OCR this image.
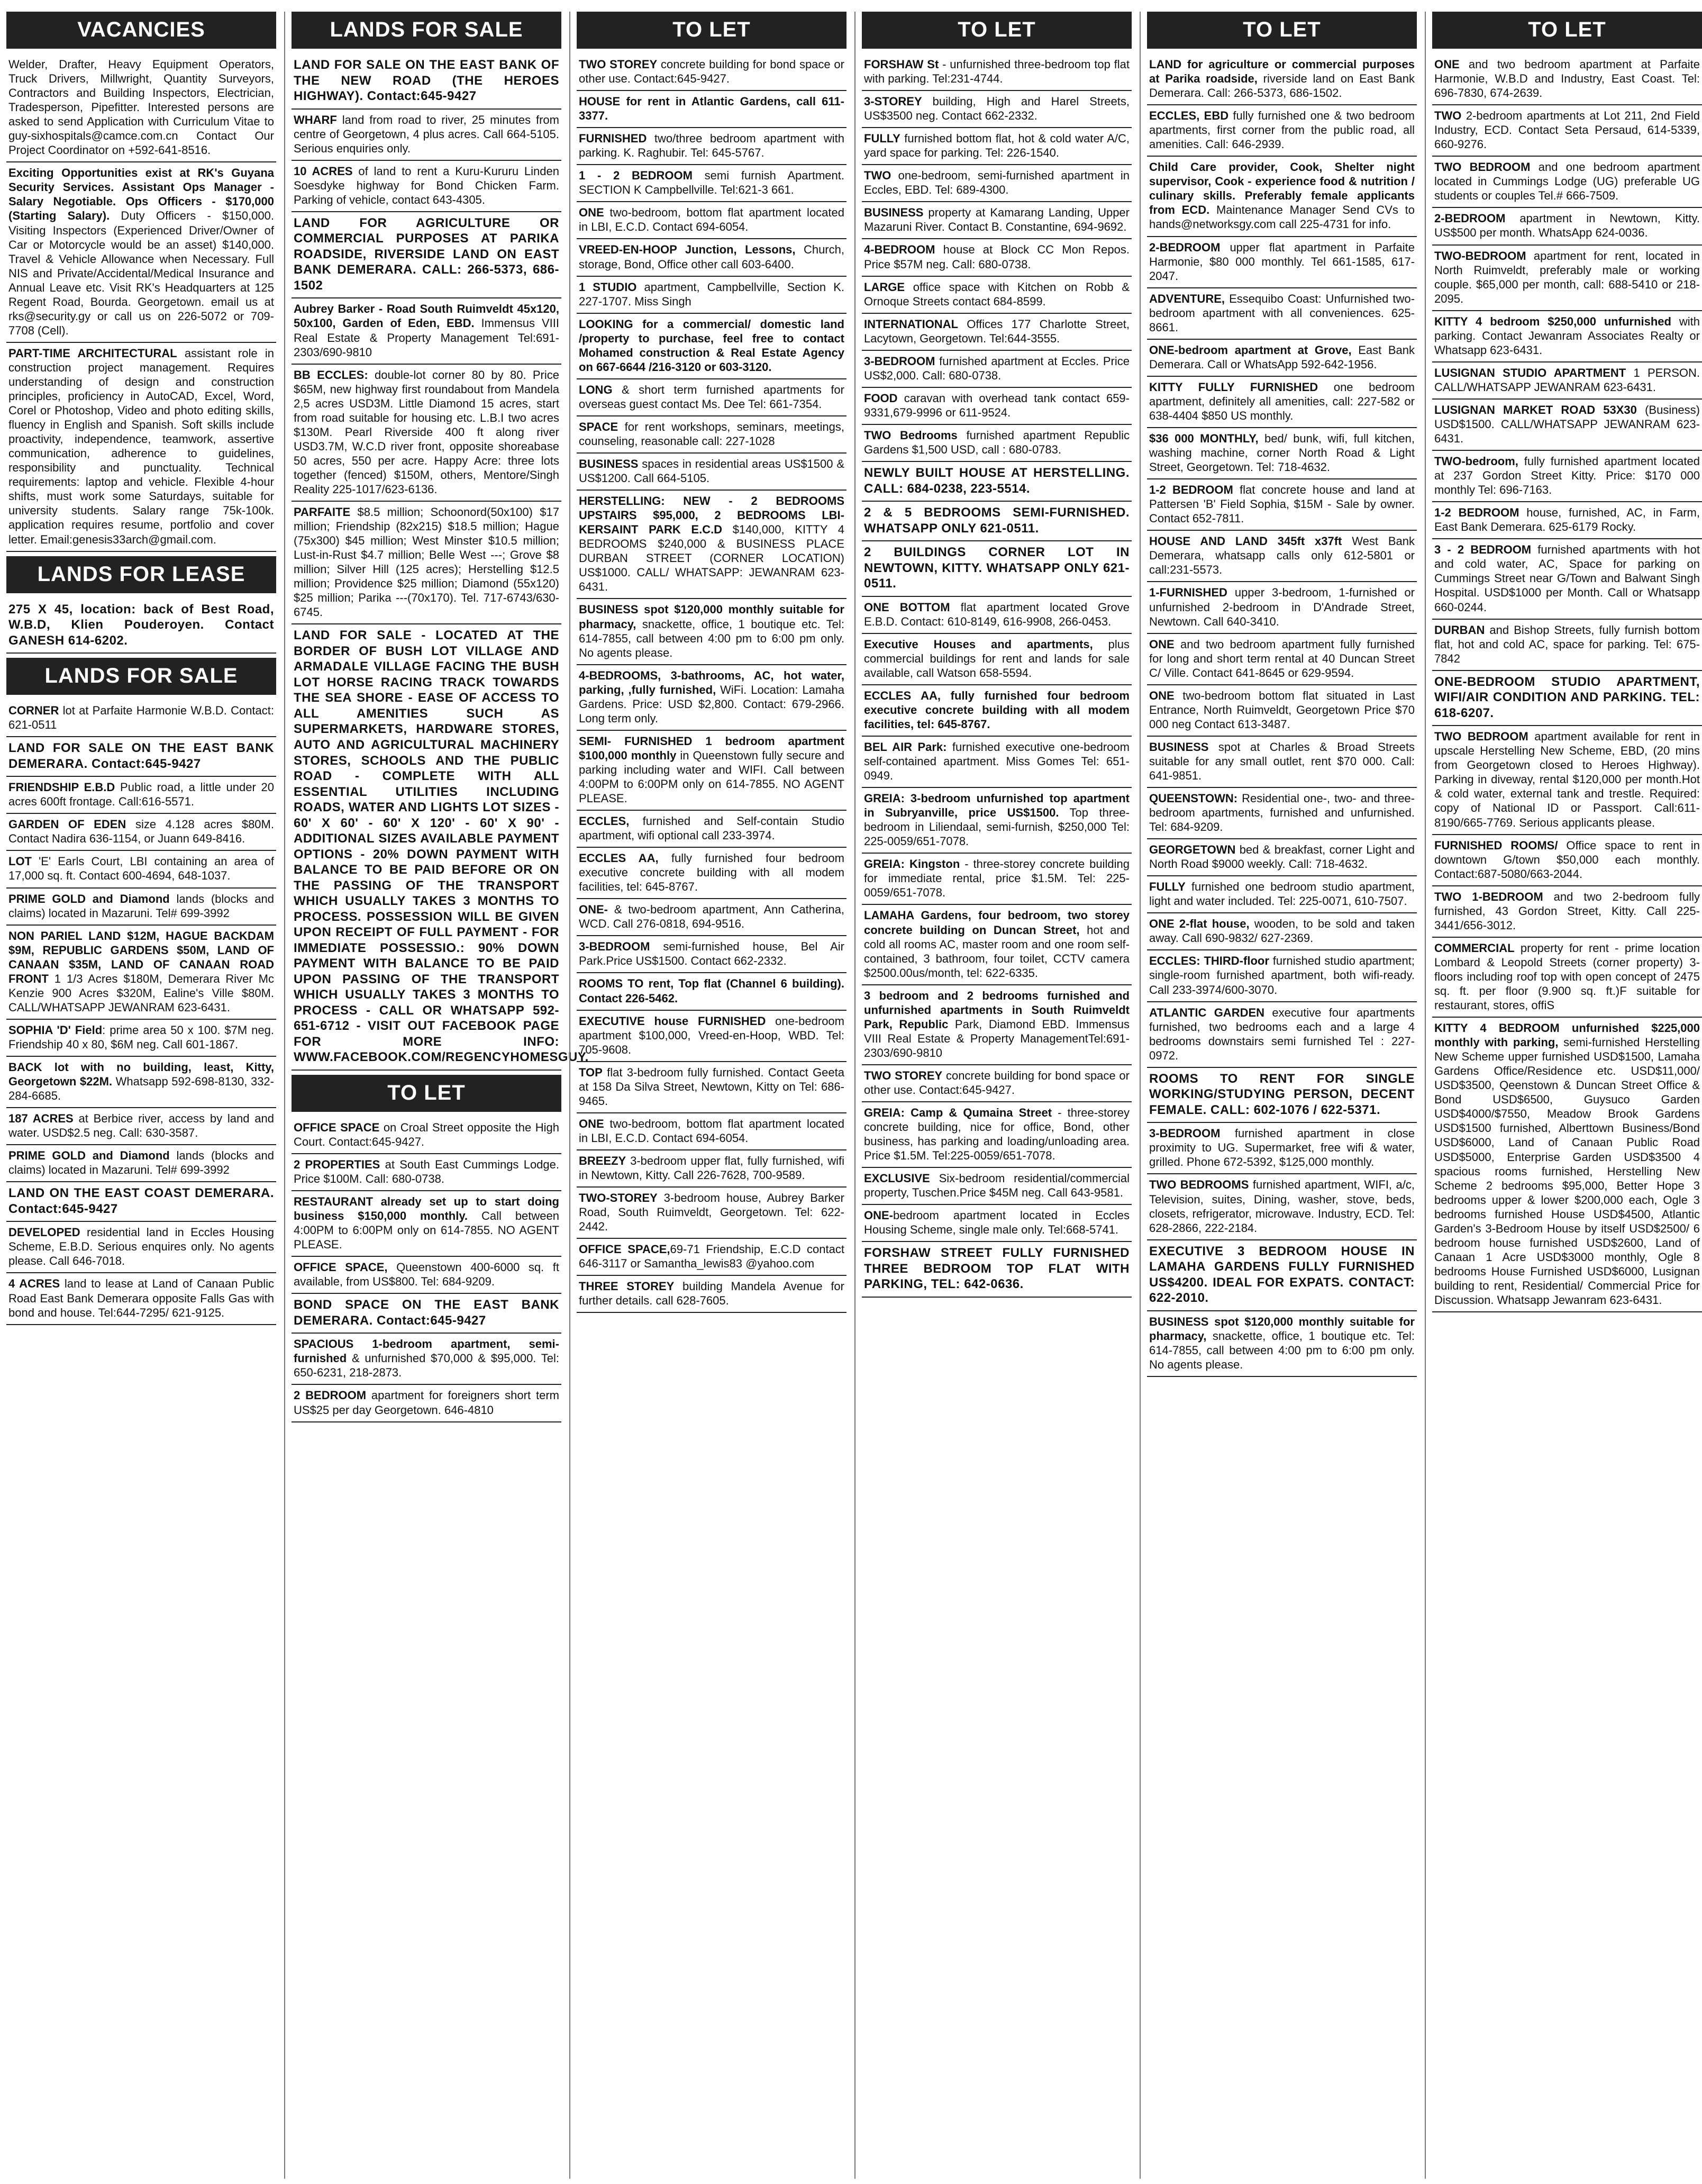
VACANCIES

Welder, Drafter, Heavy Equipment Operators, Truck Drivers, Millwright, Quantity Surveyors, Contractors and Building Inspectors, Electrician, Tradesperson, Pipefitter. Interested persons are asked to send Application with Curriculum Vitae to guy-sixhospitals@camce.com.cn Contact Our Project Coordinator on +592-641-8516.

Exciting Opportunities exist at RK's Guyana Security Services. Assistant Ops Manager - Salary Negotiable. Ops Officers - $170,000 (Starting Salary). Duty Officers - $150,000. Visiting Inspectors (Experienced Driver/Owner of Car or Motorcycle would be an asset) $140,000. Travel & Vehicle Allowance when Necessary. Full NIS and Private/Accidental/Medical Insurance and Annual Leave etc. Visit RK's Headquarters at 125 Regent Road, Bourda. Georgetown. email us at rks@security.gy or call us on 226-5072 or 709-7708 (Cell).

PART-TIME ARCHITECTURAL assistant role in construction project management. Requires understanding of design and construction principles, proficiency in AutoCAD, Excel, Word, Corel or Photoshop, Video and photo editing skills, fluency in English and Spanish. Soft skills include proactivity, independence, teamwork, assertive communication, adherence to guidelines, responsibility and punctuality. Technical requirements: laptop and vehicle. Flexible 4-hour shifts, must work some Saturdays, suitable for university students. Salary range 75k-100k. application requires resume, portfolio and cover letter. Email:genesis33arch@gmail.com.

LANDS FOR LEASE

275 X 45, location: back of Best Road, W.B.D, Klien Pouderoyen. Contact GANESH 614-6202.

LANDS FOR SALE

CORNER lot at Parfaite Harmonie W.B.D. Contact: 621-0511

LAND FOR SALE ON THE EAST BANK DEMERARA. Contact:645-9427

FRIENDSHIP E.B.D Public road, a little under 20 acres 600ft frontage. Call:616-5571.

GARDEN OF EDEN size 4.128 acres $80M. Contact Nadira 636-1154, or Juann 649-8416.

LOT 'E' Earls Court, LBI containing an area of 17,000 sq. ft. Contact 600-4694, 648-1037.

PRIME GOLD and Diamond lands (blocks and claims) located in Mazaruni. Tel# 699-3992

NON PARIEL LAND $12M, HAGUE BACKDAM $9M, REPUBLIC GARDENS $50M, LAND OF CANAAN $35M, LAND OF CANAAN ROAD FRONT 1 1/3 Acres $180M, Demerara River Mc Kenzie 900 Acres $320M, Ealine's Ville $80M. CALL/WHATSAPP JEWANRAM 623-6431.

SOPHIA 'D' Field: prime area 50 x 100. $7M neg. Friendship 40 x 80, $6M neg. Call 601-1867.

BACK lot with no building, least, Kitty, Georgetown $22M. Whatsapp 592-698-8130, 332-284-6685.

187 ACRES at Berbice river, access by land and water. USD$2.5 neg. Call: 630-3587.

PRIME GOLD and Diamond lands (blocks and claims) located in Mazaruni. Tel# 699-3992

LAND ON THE EAST COAST DEMERARA. Contact:645-9427

DEVELOPED residential land in Eccles Housing Scheme, E.B.D. Serious enquires only. No agents please. Call 646-7018.

4 ACRES land to lease at Land of Canaan Public Road East Bank Demerara opposite Falls Gas with bond and house. Tel:644-7295/ 621-9125.

LANDS FOR SALE

LAND FOR SALE ON THE EAST BANK OF THE NEW ROAD (THE HEROES HIGHWAY). Contact:645-9427

WHARF land from road to river, 25 minutes from centre of Georgetown, 4 plus acres. Call 664-5105. Serious enquiries only.

10 ACRES of land to rent a Kuru-Kururu Linden Soesdyke highway for Bond Chicken Farm. Parking of vehicle, contact 643-4305.

LAND FOR AGRICULTURE OR COMMERCIAL PURPOSES AT PARIKA ROADSIDE, RIVERSIDE LAND ON EAST BANK DEMERARA. CALL: 266-5373, 686-1502

Aubrey Barker - Road South Ruimveldt 45x120, 50x100, Garden of Eden, EBD. Immensus VIII Real Estate & Property Management Tel:691-2303/690-9810

BB ECCLES: double-lot corner 80 by 80. Price $65M, new highway first roundabout from Mandela 2,5 acres USD3M. Little Diamond 15 acres, start from road suitable for housing etc. L.B.I two acres $130M. Pearl Riverside 400 ft along river USD3.7M, W.C.D river front, opposite shoreabase 50 acres, 550 per acre. Happy Acre: three lots together (fenced) $150M, others, Mentore/Singh Reality 225-1017/623-6136.

PARFAITE $8.5 million; Schoonord(50x100) $17 million; Friendship (82x215) $18.5 million; Hague (75x300) $45 million; West Minster $10.5 million; Lust-in-Rust $4.7 million; Belle West ---; Grove $8 million; Silver Hill (125 acres); Herstelling $12.5 million; Providence $25 million; Diamond (55x120) $25 million; Parika ---(70x170). Tel. 717-6743/630-6745.

LAND FOR SALE - LOCATED AT THE BORDER OF BUSH LOT VILLAGE AND ARMADALE VILLAGE FACING THE BUSH LOT HORSE RACING TRACK TOWARDS THE SEA SHORE - EASE OF ACCESS TO ALL AMENITIES SUCH AS SUPERMARKETS, HARDWARE STORES, AUTO AND AGRICULTURAL MACHINERY STORES, SCHOOLS AND THE PUBLIC ROAD - COMPLETE WITH ALL ESSENTIAL UTILITIES INCLUDING ROADS, WATER AND LIGHTS LOT SIZES - 60' X 60' - 60' X 120' - 60' X 90' - ADDITIONAL SIZES AVAILABLE PAYMENT OPTIONS - 20% DOWN PAYMENT WITH BALANCE TO BE PAID BEFORE OR ON THE PASSING OF THE TRANSPORT WHICH USUALLY TAKES 3 MONTHS TO PROCESS. POSSESSION WILL BE GIVEN UPON RECEIPT OF FULL PAYMENT - FOR IMMEDIATE POSSESSIO.: 90% DOWN PAYMENT WITH BALANCE TO BE PAID UPON PASSING OF THE TRANSPORT WHICH USUALLY TAKES 3 MONTHS TO PROCESS - CALL OR WHATSAPP 592-651-6712 - VISIT OUT FACEBOOK PAGE FOR MORE INFO: WWW.FACEBOOK.COM/REGENCYHOMESGUY.

TO LET

OFFICE SPACE on Croal Street opposite the High Court. Contact:645-9427.

2 PROPERTIES at South East Cummings Lodge. Price $100M. Call: 680-0738.

RESTAURANT already set up to start doing business $150,000 monthly. Call between 4:00PM to 6:00PM only on 614-7855. NO AGENT PLEASE.

OFFICE SPACE, Queenstown 400-6000 sq. ft available, from US$800. Tel: 684-9209.

BOND SPACE ON THE EAST BANK DEMERARA. Contact:645-9427

SPACIOUS 1-bedroom apartment, semi-furnished & unfurnished $70,000 & $95,000. Tel: 650-6231, 218-2873.

2 BEDROOM apartment for foreigners short term US$25 per day Georgetown. 646-4810

TO LET

TWO STOREY concrete building for bond space or other use. Contact:645-9427.

HOUSE for rent in Atlantic Gardens, call 611-3377.

FURNISHED two/three bedroom apartment with parking. K. Raghubir. Tel: 645-5767.

1 - 2 BEDROOM semi furnish Apartment. SECTION K Campbellville. Tel:621-3 661.

ONE two-bedroom, bottom flat apartment located in LBI, E.C.D. Contact 694-6054.

VREED-EN-HOOP Junction, Lessons, Church, storage, Bond, Office other call 603-6400.

1 STUDIO apartment, Campbellville, Section K. 227-1707. Miss Singh

LOOKING for a commercial/ domestic land /property to purchase, feel free to contact Mohamed construction & Real Estate Agency on 667-6644 /216-3120 or 603-3120.

LONG & short term furnished apartments for overseas guest contact Ms. Dee Tel: 661-7354.

SPACE for rent workshops, seminars, meetings, counseling, reasonable call: 227-1028

BUSINESS spaces in residential areas US$1500 & US$1200. Call 664-5105.

HERSTELLING: NEW - 2 BEDROOMS UPSTAIRS $95,000, 2 BEDROOMS LBI-KERSAINT PARK E.C.D $140,000, KITTY 4 BEDROOMS $240,000 & BUSINESS PLACE DURBAN STREET (CORNER LOCATION) US$1000. CALL/ WHATSAPP: JEWANRAM 623-6431.

BUSINESS spot $120,000 monthly suitable for pharmacy, snackette, office, 1 boutique etc. Tel: 614-7855, call between 4:00 pm to 6:00 pm only. No agents please.

4-BEDROOMS, 3-bathrooms, AC, hot water, parking, ,fully furnished, WiFi. Location: Lamaha Gardens. Price: USD $2,800. Contact: 679-2966. Long term only.

SEMI- FURNISHED 1 bedroom apartment $100,000 monthly in Queenstown fully secure and parking including water and WIFI. Call between 4:00PM to 6:00PM only on 614-7855. NO AGENT PLEASE.

ECCLES, furnished and Self-contain Studio apartment, wifi optional call 233-3974.

ECCLES AA, fully furnished four bedroom executive concrete building with all modem facilities, tel: 645-8767.

ONE- & two-bedroom apartment, Ann Catherina, WCD. Call 276-0818, 694-9516.

3-BEDROOM semi-furnished house, Bel Air Park.Price US$1500. Contact 662-2332.

ROOMS TO rent, Top flat (Channel 6 building). Contact 226-5462.

EXECUTIVE house FURNISHED one-bedroom apartment $100,000, Vreed-en-Hoop, WBD. Tel: 705-9608.

TOP flat 3-bedroom fully furnished. Contact Geeta at 158 Da Silva Street, Newtown, Kitty on Tel: 686-9465.

ONE two-bedroom, bottom flat apartment located in LBI, E.C.D. Contact 694-6054.

BREEZY 3-bedroom upper flat, fully furnished, wifi in Newtown, Kitty. Call 226-7628, 700-9589.

TWO-STOREY 3-bedroom house, Aubrey Barker Road, South Ruimveldt, Georgetown. Tel: 622-2442.

OFFICE SPACE,69-71 Friendship, E.C.D contact 646-3117 or Samantha_lewis83 @yahoo.com

THREE STOREY building Mandela Avenue for further details. call 628-7605.

TO LET

FORSHAW St - unfurnished three-bedroom top flat with parking. Tel:231-4744.

3-STOREY building, High and Harel Streets, US$3500 neg. Contact 662-2332.

FULLY furnished bottom flat, hot & cold water A/C, yard space for parking. Tel: 226-1540.

TWO one-bedroom, semi-furnished apartment in Eccles, EBD. Tel: 689-4300.

BUSINESS property at Kamarang Landing, Upper Mazaruni River. Contact B. Constantine, 694-9692.

4-BEDROOM house at Block CC Mon Repos. Price $57M neg. Call: 680-0738.

LARGE office space with Kitchen on Robb & Ornoque Streets contact 684-8599.

INTERNATIONAL Offices 177 Charlotte Street, Lacytown, Georgetown. Tel:644-3555.

3-BEDROOM furnished apartment at Eccles. Price US$2,000. Call: 680-0738.

FOOD caravan with overhead tank contact 659-9331,679-9996 or 611-9524.

TWO Bedrooms furnished apartment Republic Gardens $1,500 USD, call : 680-0783.

NEWLY BUILT HOUSE AT HERSTELLING. CALL: 684-0238, 223-5514.

2 & 5 BEDROOMS SEMI-FURNISHED. WHATSAPP ONLY 621-0511.

2 BUILDINGS CORNER LOT IN NEWTOWN, KITTY. WHATSAPP ONLY 621-0511.

ONE BOTTOM flat apartment located Grove E.B.D. Contact: 610-8149, 616-9908, 266-0453.

Executive Houses and apartments, plus commercial buildings for rent and lands for sale available, call Watson 658-5594.

ECCLES AA, fully furnished four bedroom executive concrete building with all modem facilities, tel: 645-8767.

BEL AIR Park: furnished executive one-bedroom self-contained apartment. Miss Gomes Tel: 651-0949.

GREIA: 3-bedroom unfurnished top apartment in Subryanville, price US$1500. Top three-bedroom in Liliendaal, semi-furnish, $250,000 Tel: 225-0059/651-7078.

GREIA: Kingston - three-storey concrete building for immediate rental, price $1.5M. Tel: 225-0059/651-7078.

LAMAHA Gardens, four bedroom, two storey concrete building on Duncan Street, hot and cold all rooms AC, master room and one room self-contained, 3 bathroom, four toilet, CCTV camera $2500.00us/month, tel: 622-6335.

3 bedroom and 2 bedrooms furnished and unfurnished apartments in South Ruimveldt Park, Republic Park, Diamond EBD. Immensus VIII Real Estate & Property ManagementTel:691-2303/690-9810

TWO STOREY concrete building for bond space or other use. Contact:645-9427.

GREIA: Camp & Qumaina Street - three-storey concrete building, nice for office, Bond, other business, has parking and loading/unloading area. Price $1.5M. Tel:225-0059/651-7078.

EXCLUSIVE Six-bedroom residential/commercial property, Tuschen.Price $45M neg. Call 643-9581.

ONE-bedroom apartment located in Eccles Housing Scheme, single male only. Tel:668-5741.

FORSHAW STREET FULLY FURNISHED THREE BEDROOM TOP FLAT WITH PARKING, TEL: 642-0636.

TO LET

LAND for agriculture or commercial purposes at Parika roadside, riverside land on East Bank Demerara. Call: 266-5373, 686-1502.

ECCLES, EBD fully furnished one & two bedroom apartments, first corner from the public road, all amenities. Call: 646-2939.

Child Care provider, Cook, Shelter night supervisor, Cook - experience food & nutrition / culinary skills. Preferably female applicants from ECD. Maintenance Manager Send CVs to hands@networksgy.com call 225-4731 for info.

2-BEDROOM upper flat apartment in Parfaite Harmonie, $80 000 monthly. Tel 661-1585, 617-2047.

ADVENTURE, Essequibo Coast: Unfurnished two-bedroom apartment with all conveniences. 625-8661.

ONE-bedroom apartment at Grove, East Bank Demerara. Call or WhatsApp 592-642-1956.

KITTY FULLY FURNISHED one bedroom apartment, definitely all amenities, call: 227-582 or 638-4404 $850 US monthly.

$36 000 MONTHLY, bed/ bunk, wifi, full kitchen, washing machine, corner North Road & Light Street, Georgetown. Tel: 718-4632.

1-2 BEDROOM flat concrete house and land at Pattersen 'B' Field Sophia, $15M - Sale by owner. Contact 652-7811.

HOUSE AND LAND 345ft x37ft West Bank Demerara, whatsapp calls only 612-5801 or call:231-5573.

1-FURNISHED upper 3-bedroom, 1-furnished or unfurnished 2-bedroom in D'Andrade Street, Newtown. Call 640-3410.

ONE and two bedroom apartment fully furnished for long and short term rental at 40 Duncan Street C/ Ville. Contact 641-8645 or 629-9594.

ONE two-bedroom bottom flat situated in Last Entrance, North Ruimveldt, Georgetown Price $70 000 neg Contact 613-3487.

BUSINESS spot at Charles & Broad Streets suitable for any small outlet, rent $70 000. Call: 641-9851.

QUEENSTOWN: Residential one-, two- and three-bedroom apartments, furnished and unfurnished. Tel: 684-9209.

GEORGETOWN bed & breakfast, corner Light and North Road $9000 weekly. Call: 718-4632.

FULLY furnished one bedroom studio apartment, light and water included. Tel: 225-0071, 610-7507.

ONE 2-flat house, wooden, to be sold and taken away. Call 690-9832/ 627-2369.

ECCLES: THIRD-floor furnished studio apartment; single-room furnished apartment, both wifi-ready. Call 233-3974/600-3070.

ATLANTIC GARDEN executive four apartments furnished, two bedrooms each and a large 4 bedrooms downstairs semi furnished Tel : 227-0972.

ROOMS TO RENT FOR SINGLE WORKING/STUDYING PERSON, DECENT FEMALE. CALL: 602-1076 / 622-5371.

3-BEDROOM furnished apartment in close proximity to UG. Supermarket, free wifi & water, grilled. Phone 672-5392, $125,000 monthly.

TWO BEDROOMS furnished apartment, WIFI, a/c, Television, suites, Dining, washer, stove, beds, closets, refrigerator, microwave. Industry, ECD. Tel: 628-2866, 222-2184.

EXECUTIVE 3 BEDROOM HOUSE IN LAMAHA GARDENS FULLY FURNISHED US$4200. IDEAL FOR EXPATS. CONTACT: 622-2010.

BUSINESS spot $120,000 monthly suitable for pharmacy, snackette, office, 1 boutique etc. Tel: 614-7855, call between 4:00 pm to 6:00 pm only. No agents please.

TO LET

ONE and two bedroom apartment at Parfaite Harmonie, W.B.D and Industry, East Coast. Tel: 696-7830, 674-2639.

TWO 2-bedroom apartments at Lot 211, 2nd Field Industry, ECD. Contact Seta Persaud, 614-5339, 660-9276.

TWO BEDROOM and one bedroom apartment located in Cummings Lodge (UG) preferable UG students or couples Tel.# 666-7509.

2-BEDROOM apartment in Newtown, Kitty. US$500 per month. WhatsApp 624-0036.

TWO-BEDROOM apartment for rent, located in North Ruimveldt, preferably male or working couple. $65,000 per month, call: 688-5410 or 218-2095.

KITTY 4 bedroom $250,000 unfurnished with parking. Contact Jewanram Associates Realty or Whatsapp 623-6431.

LUSIGNAN STUDIO APARTMENT 1 PERSON. CALL/WHATSAPP JEWANRAM 623-6431.

LUSIGNAN MARKET ROAD 53X30 (Business) USD$1500. CALL/WHATSAPP JEWANRAM 623-6431.

TWO-bedroom, fully furnished apartment located at 237 Gordon Street Kitty. Price: $170 000 monthly Tel: 696-7163.

1-2 BEDROOM house, furnished, AC, in Farm, East Bank Demerara. 625-6179 Rocky.

3 - 2 BEDROOM furnished apartments with hot and cold water, AC, Space for parking on Cummings Street near G/Town and Balwant Singh Hospital. USD$1000 per Month. Call or Whatsapp 660-0244.

DURBAN and Bishop Streets, fully furnish bottom flat, hot and cold AC, space for parking. Tel: 675-7842

ONE-BEDROOM STUDIO APARTMENT, WIFI/AIR CONDITION AND PARKING. TEL: 618-6207.

TWO BEDROOM apartment available for rent in upscale Herstelling New Scheme, EBD, (20 mins from Georgetown closed to Heroes Highway). Parking in diveway, rental $120,000 per month.Hot & cold water, external tank and trestle. Required: copy of National ID or Passport. Call:611-8190/665-7769. Serious applicants please.

FURNISHED ROOMS/ Office space to rent in downtown G/town $50,000 each monthly. Contact:687-5080/663-2044.

TWO 1-BEDROOM and two 2-bedroom fully furnished, 43 Gordon Street, Kitty. Call 225- 3441/656-3012.

COMMERCIAL property for rent - prime location Lombard & Leopold Streets (corner property) 3-floors including roof top with open concept of 2475 sq. ft. per floor (9.900 sq. ft.)F suitable for restaurant, stores, offiS

KITTY 4 BEDROOM unfurnished $225,000 monthly with parking, semi-furnished Herstelling New Scheme upper furnished USD$1500, Lamaha Gardens Office/Residence etc. USD$11,000/ USD$3500, Qeenstown & Duncan Street Office & Bond USD$6500, Guysuco Garden USD$4000/$7550, Meadow Brook Gardens USD$1500 furnished, Alberttown Business/Bond USD$6000, Land of Canaan Public Road USD$5000, Enterprise Garden USD$3500 4 spacious rooms furnished, Herstelling New Scheme 2 bedrooms $95,000, Better Hope 3 bedrooms upper & lower $200,000 each, Ogle 3 bedrooms furnished House USD$4500, Atlantic Garden's 3-Bedroom House by itself USD$2500/ 6 bedroom house furnished USD$2600, Land of Canaan 1 Acre USD$3000 monthly, Ogle 8 bedrooms House Furnished USD$6000, Lusignan building to rent, Residential/ Commercial Price for Discussion. Whatsapp Jewanram 623-6431.
